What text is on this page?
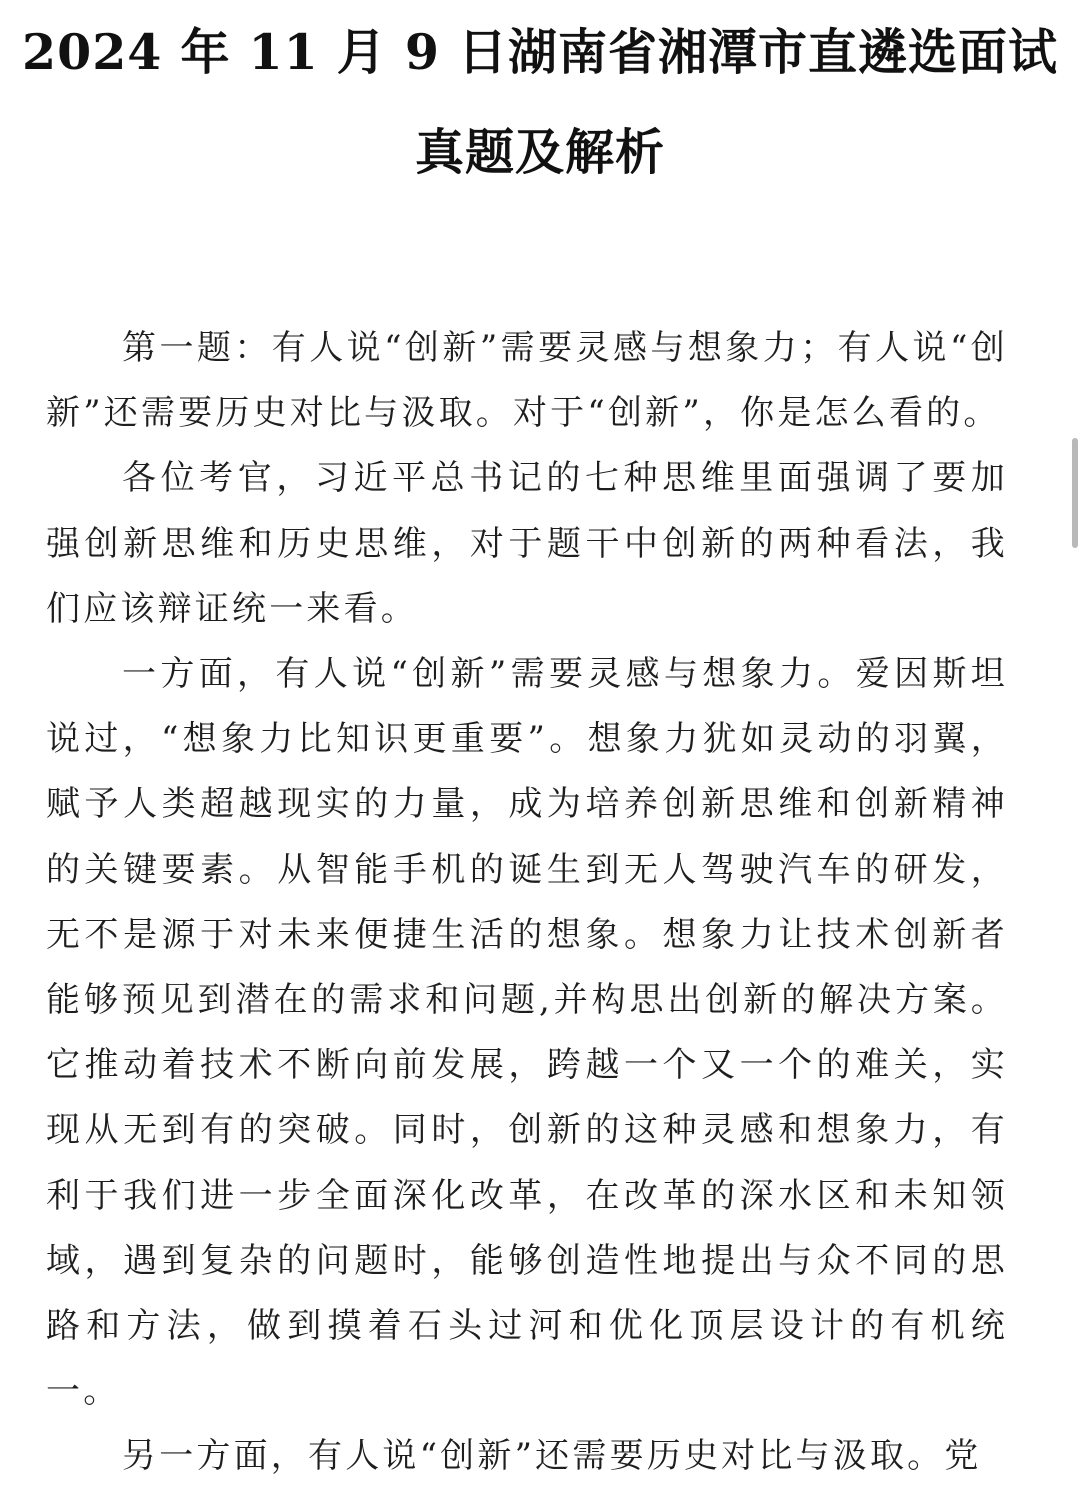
2024 年 11 月 9 日湖南省湘潭市直遴选面试
真题及解析

第一题：有人说“创新”需要灵感与想象力；有人说“创新”还需要历史对比与汲取。对于“创新”，你是怎么看的。

各位考官，习近平总书记的七种思维里面强调了要加强创新思维和历史思维，对于题干中创新的两种看法，我们应该辩证统一来看。

一方面，有人说“创新”需要灵感与想象力。爱因斯坦说过，“想象力比知识更重要”。想象力犹如灵动的羽翼，赋予人类超越现实的力量，成为培养创新思维和创新精神的关键要素。从智能手机的诞生到无人驾驶汽车的研发，无不是源于对未来便捷生活的想象。想象力让技术创新者能够预见到潜在的需求和问题,并构思出创新的解决方案。它推动着技术不断向前发展，跨越一个又一个的难关，实现从无到有的突破。同时，创新的这种灵感和想象力，有利于我们进一步全面深化改革，在改革的深水区和未知领域，遇到复杂的问题时，能够创造性地提出与众不同的思路和方法，做到摸着石头过河和优化顶层设计的有机统一。

另一方面，有人说“创新”还需要历史对比与汲取。党
